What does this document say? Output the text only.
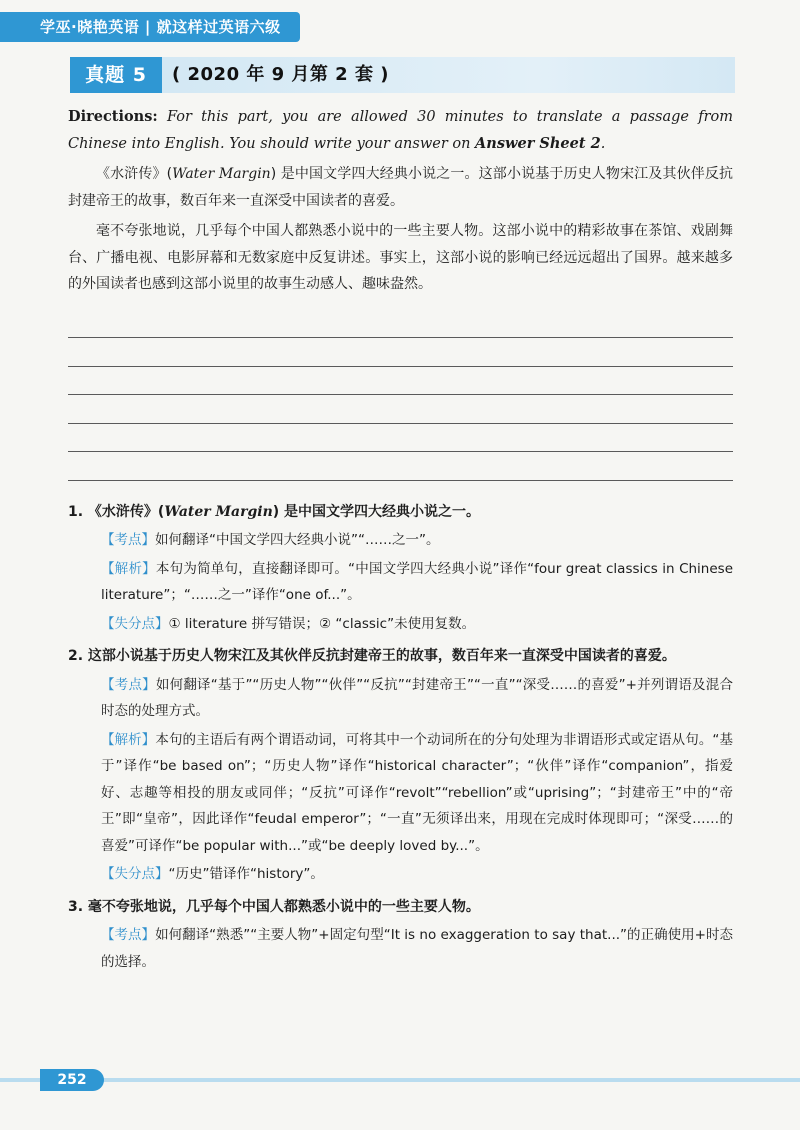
学巫·晓艳英语 | 就这样过英语六级
真题 5	( 2020 年 9 月第 2 套 )

Directions: For this part, you are allowed 30 minutes to translate a passage from Chinese into English. You should write your answer on Answer Sheet 2.

《水浒传》(Water Margin) 是中国文学四大经典小说之一。这部小说基于历史人物宋江及其伙伴反抗封建帝王的故事，数百年来一直深受中国读者的喜爱。

毫不夸张地说，几乎每个中国人都熟悉小说中的一些主要人物。这部小说中的精彩故事在茶馆、戏剧舞台、广播电视、电影屏幕和无数家庭中反复讲述。事实上，这部小说的影响已经远远超出了国界。越来越多的外国读者也感到这部小说里的故事生动感人、趣味盎然。

1. 《水浒传》(Water Margin) 是中国文学四大经典小说之一。
【考点】如何翻译“中国文学四大经典小说”“……之一”。
【解析】本句为简单句，直接翻译即可。“中国文学四大经典小说”译作“four great classics in Chinese literature”；“……之一”译作“one of...”。
【失分点】① literature 拼写错误；② “classic”未使用复数。
2. 这部小说基于历史人物宋江及其伙伴反抗封建帝王的故事，数百年来一直深受中国读者的喜爱。
【考点】如何翻译“基于”“历史人物”“伙伴”“反抗”“封建帝王”“一直”“深受……的喜爱”+并列谓语及混合时态的处理方式。
【解析】本句的主语后有两个谓语动词，可将其中一个动词所在的分句处理为非谓语形式或定语从句。“基于”译作“be based on”；“历史人物”译作“historical character”；“伙伴”译作“companion”，指爱好、志趣等相投的朋友或同伴；“反抗”可译作“revolt”“rebellion”或“uprising”；“封建帝王”中的“帝王”即“皇帝”，因此译作“feudal emperor”；“一直”无须译出来，用现在完成时体现即可；“深受……的喜爱”可译作“be popular with...”或“be deeply loved by...”。
【失分点】“历史”错译作“history”。
3. 毫不夸张地说，几乎每个中国人都熟悉小说中的一些主要人物。
【考点】如何翻译“熟悉”“主要人物”+固定句型“It is no exaggeration to say that...”的正确使用+时态的选择。
252
